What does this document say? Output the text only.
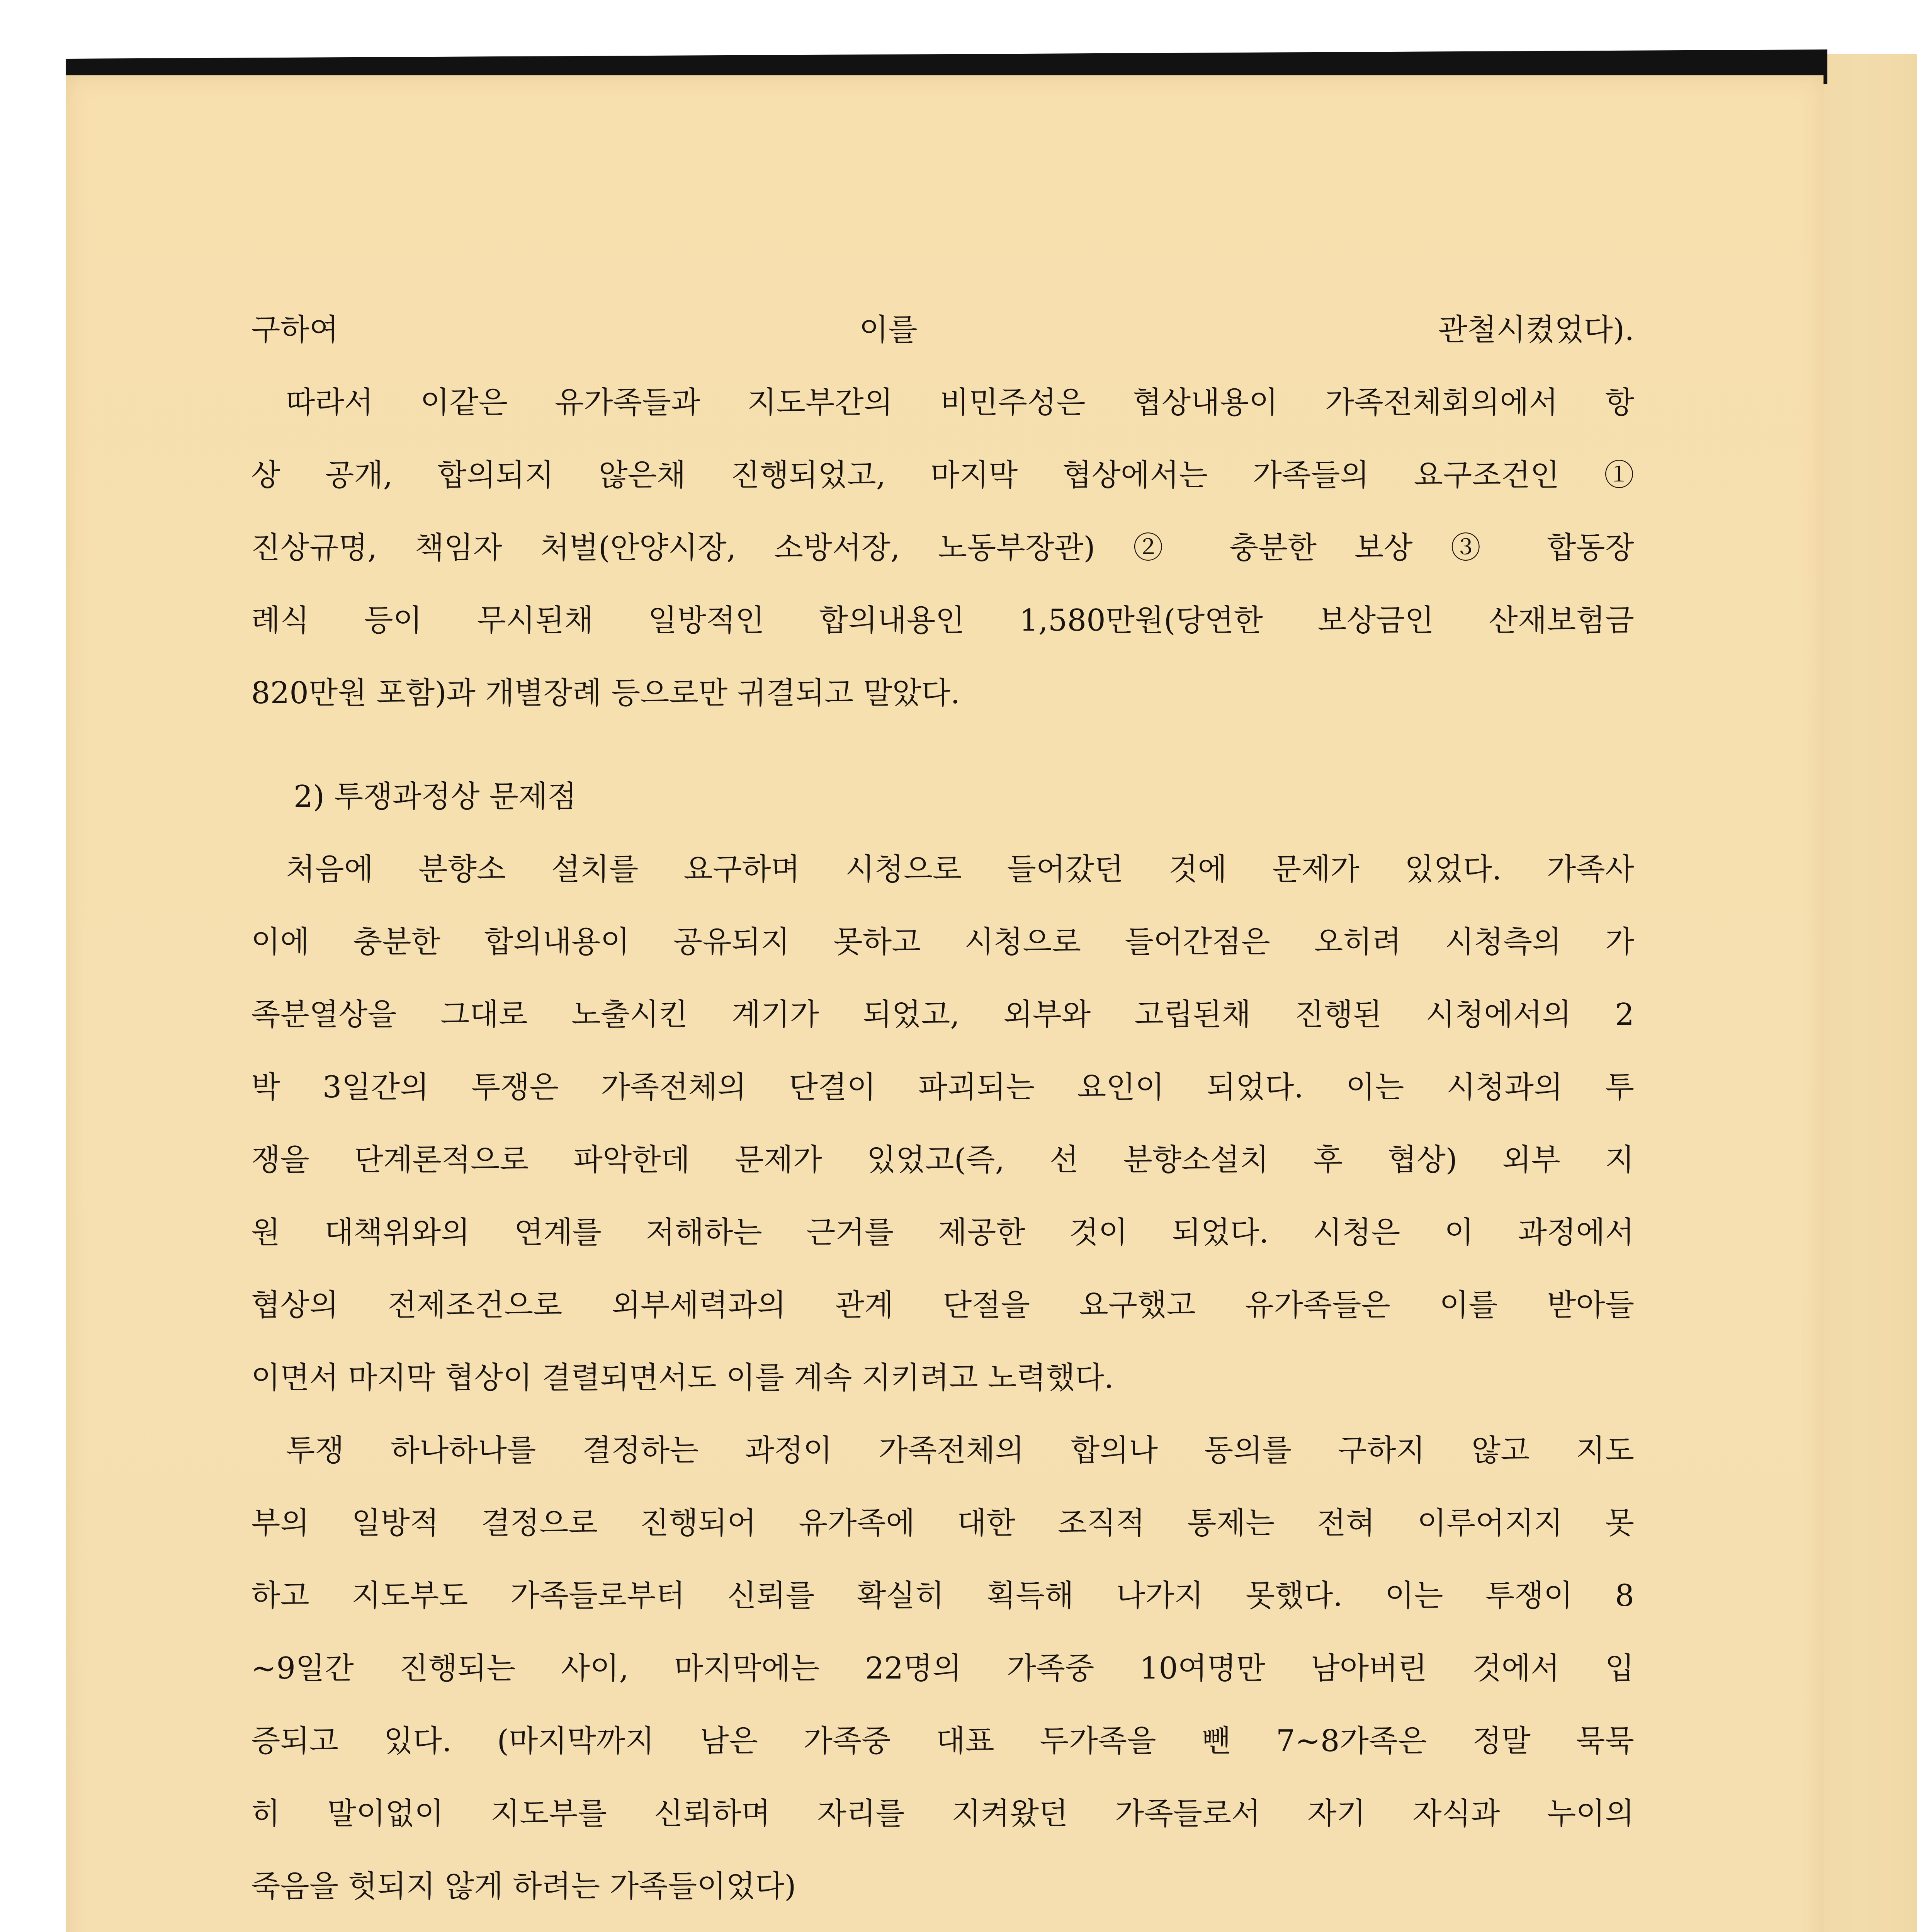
구하여 이를 관철시켰었다).
따라서 이같은 유가족들과 지도부간의 비민주성은 협상내용이 가족전체회의에서 항
상 공개, 합의되지 않은채 진행되었고, 마지막 협상에서는 가족들의 요구조건인 ①
진상규명, 책임자 처벌(안양시장, 소방서장, 노동부장관) ② 충분한 보상 ③ 합동장
례식 등이 무시된채 일방적인 합의내용인 1,580만원(당연한 보상금인 산재보험금
820만원 포함)과 개별장례 등으로만 귀결되고 말았다.
2) 투쟁과정상 문제점
처음에 분향소 설치를 요구하며 시청으로 들어갔던 것에 문제가 있었다. 가족사
이에 충분한 합의내용이 공유되지 못하고 시청으로 들어간점은 오히려 시청측의 가
족분열상을 그대로 노출시킨 계기가 되었고, 외부와 고립된채 진행된 시청에서의 2
박 3일간의 투쟁은 가족전체의 단결이 파괴되는 요인이 되었다. 이는 시청과의 투
쟁을 단계론적으로 파악한데 문제가 있었고(즉, 선 분향소설치 후 협상) 외부 지
원 대책위와의 연계를 저해하는 근거를 제공한 것이 되었다. 시청은 이 과정에서
협상의 전제조건으로 외부세력과의 관계 단절을 요구했고 유가족들은 이를 받아들
이면서 마지막 협상이 결렬되면서도 이를 계속 지키려고 노력했다.
투쟁 하나하나를 결정하는 과정이 가족전체의 합의나 동의를 구하지 않고 지도
부의 일방적 결정으로 진행되어 유가족에 대한 조직적 통제는 전혀 이루어지지 못
하고 지도부도 가족들로부터 신뢰를 확실히 획득해 나가지 못했다. 이는 투쟁이 8
~9일간 진행되는 사이, 마지막에는 22명의 가족중 10여명만 남아버린 것에서 입
증되고 있다. (마지막까지 남은 가족중 대표 두가족을 뺀 7~8가족은 정말 묵묵
히 말이없이 지도부를 신뢰하며 자리를 지켜왔던 가족들로서 자기 자식과 누이의
죽음을 헛되지 않게 하려는 가족들이었다)
